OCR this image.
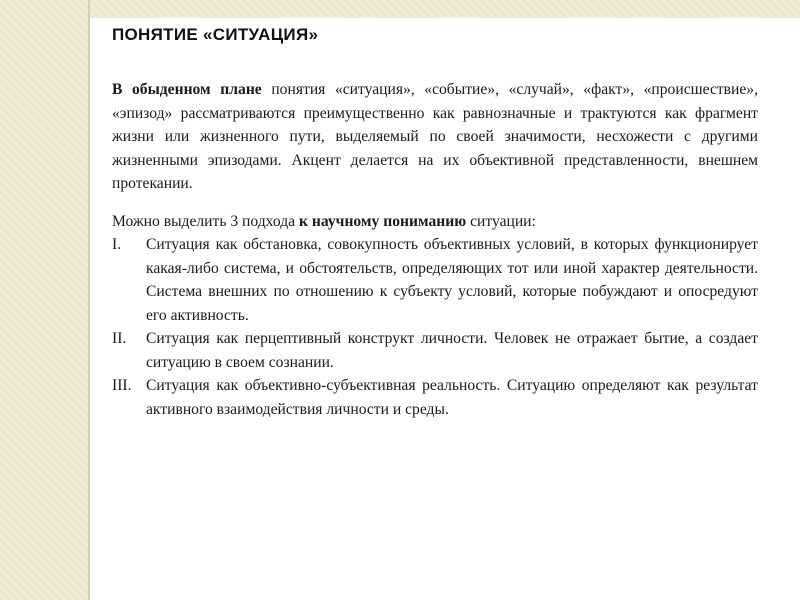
ПОНЯТИЕ «СИТУАЦИЯ»

В обыденном плане понятия «ситуация», «событие», «случай», «факт», «происшествие», «эпизод» рассматриваются преимущественно как равнозначные и трактуются как фрагмент жизни или жизненного пути, выделяемый по своей значимости, несхожести с другими жизненными эпизодами. Акцент делается на их объективной представленности, внешнем протекании.

Можно выделить 3 подхода к научному пониманию ситуации:

I.	Ситуация как обстановка, совокупность объективных условий, в которых функционирует какая-либо система, и обстоятельств, определяющих тот или иной характер деятельности. Система внешних по отношению к субъекту условий, которые побуждают и опосредуют его активность.
II.	Ситуация как перцептивный конструкт личности. Человек не отражает бытие, а создает ситуацию в своем сознании.
III. Ситуация как объективно-субъективная реальность. Ситуацию определяют как результат активного взаимодействия личности и среды.
